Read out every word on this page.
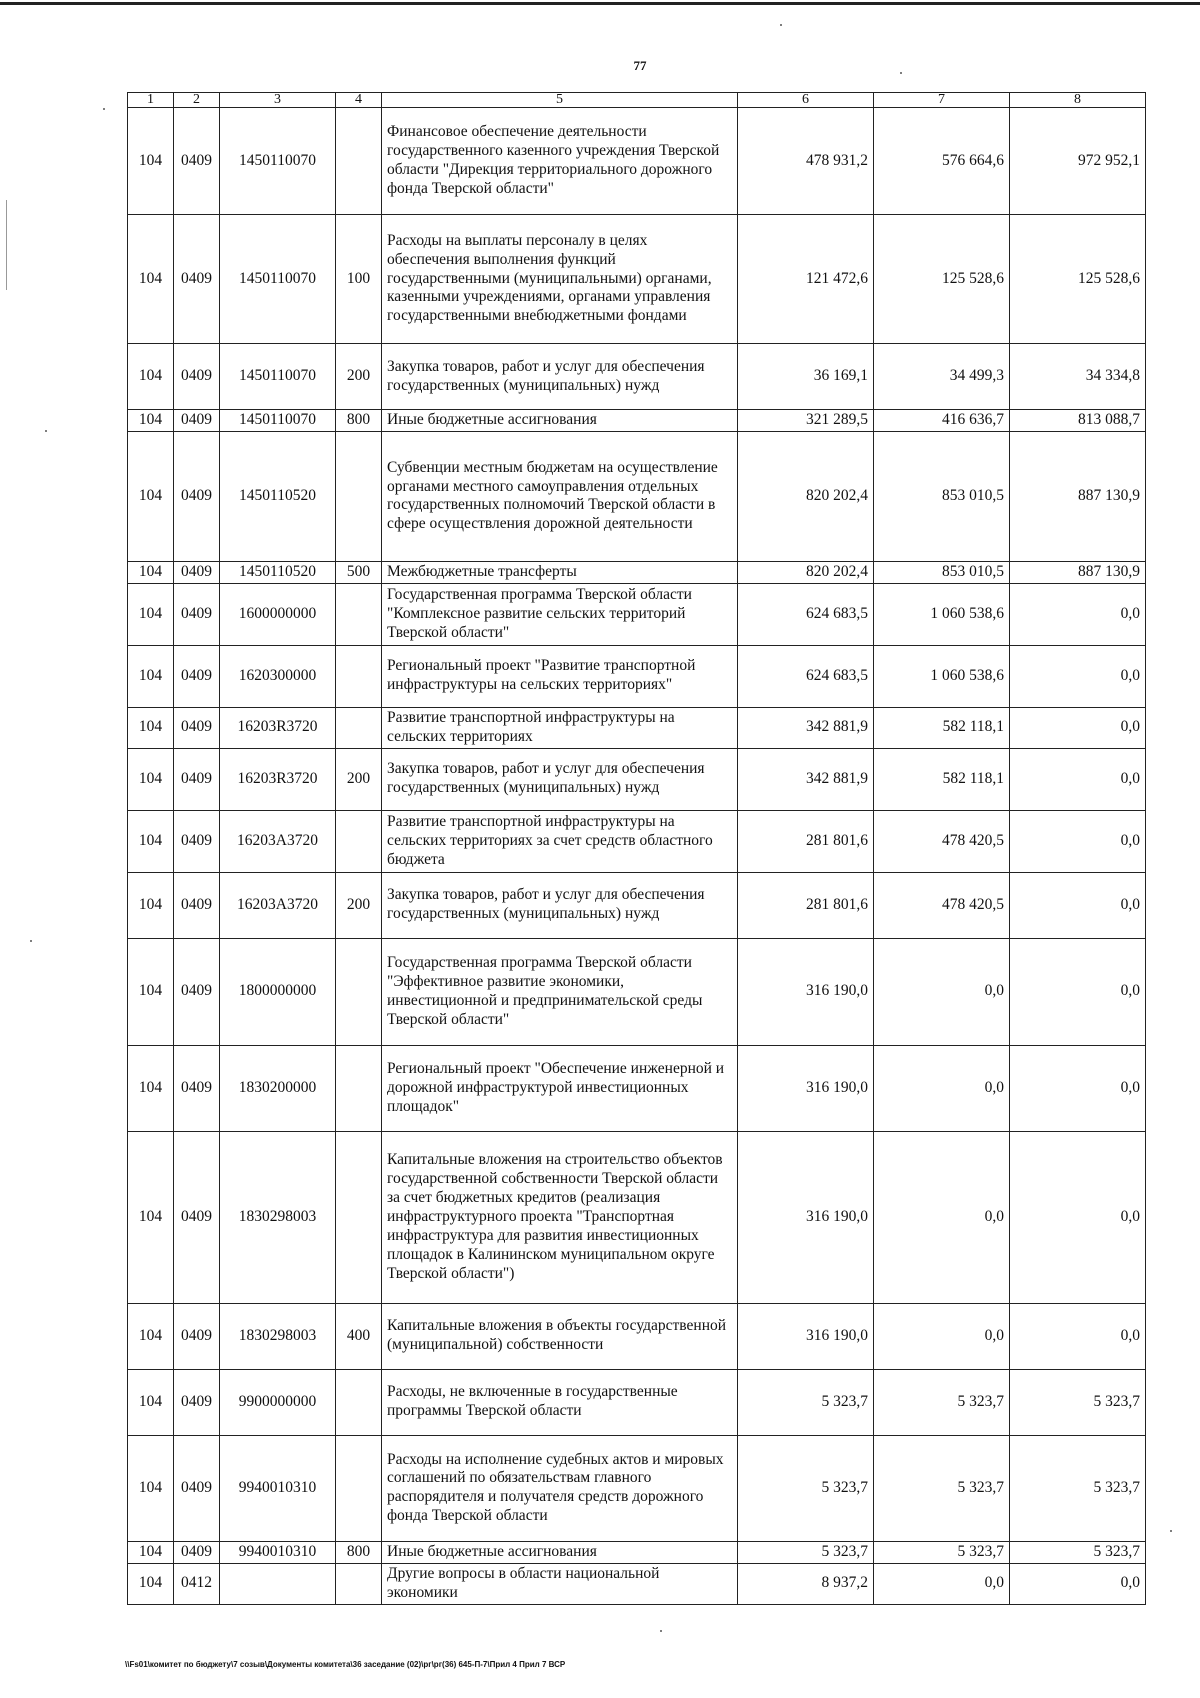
77
1	2	3	4	5	6	7	8
104	0409	1450110070		Финансовое обеспечение деятельности государственного казенного учреждения Тверской области "Дирекция территориального дорожного фонда Тверской области"	478 931,2	576 664,6	972 952,1
104	0409	1450110070	100	Расходы на выплаты персоналу в целях обеспечения выполнения функций государственными (муниципальными) органами, казенными учреждениями, органами управления государственными внебюджетными фондами	121 472,6	125 528,6	125 528,6
104	0409	1450110070	200	Закупка товаров, работ и услуг для обеспечения государственных (муниципальных) нужд	36 169,1	34 499,3	34 334,8
104	0409	1450110070	800	Иные бюджетные ассигнования	321 289,5	416 636,7	813 088,7
104	0409	1450110520		Субвенции местным бюджетам на осуществление органами местного самоуправления отдельных государственных полномочий Тверской области в сфере осуществления дорожной деятельности	820 202,4	853 010,5	887 130,9
104	0409	1450110520	500	Межбюджетные трансферты	820 202,4	853 010,5	887 130,9
104	0409	1600000000		Государственная программа Тверской области "Комплексное развитие сельских территорий Тверской области"	624 683,5	1 060 538,6	0,0
104	0409	1620300000		Региональный проект "Развитие транспортной инфраструктуры на сельских территориях"	624 683,5	1 060 538,6	0,0
104	0409	16203R3720		Развитие транспортной инфраструктуры на сельских территориях	342 881,9	582 118,1	0,0
104	0409	16203R3720	200	Закупка товаров, работ и услуг для обеспечения государственных (муниципальных) нужд	342 881,9	582 118,1	0,0
104	0409	16203A3720		Развитие транспортной инфраструктуры на сельских территориях за счет средств областного бюджета	281 801,6	478 420,5	0,0
104	0409	16203A3720	200	Закупка товаров, работ и услуг для обеспечения государственных (муниципальных) нужд	281 801,6	478 420,5	0,0
104	0409	1800000000		Государственная программа Тверской области "Эффективное развитие экономики, инвестиционной и предпринимательской среды Тверской области"	316 190,0	0,0	0,0
104	0409	1830200000		Региональный проект "Обеспечение инженерной и дорожной инфраструктурой инвестиционных площадок"	316 190,0	0,0	0,0
104	0409	1830298003		Капитальные вложения на строительство объектов государственной собственности Тверской области за счет бюджетных кредитов (реализация инфраструктурного проекта "Транспортная инфраструктура для развития инвестиционных площадок в Калининском муниципальном округе Тверской области")	316 190,0	0,0	0,0
104	0409	1830298003	400	Капитальные вложения в объекты государственной (муниципальной) собственности	316 190,0	0,0	0,0
104	0409	9900000000		Расходы, не включенные в государственные программы Тверской области	5 323,7	5 323,7	5 323,7
104	0409	9940010310		Расходы на исполнение судебных актов и мировых соглашений по обязательствам главного распорядителя и получателя средств дорожного фонда Тверской области	5 323,7	5 323,7	5 323,7
104	0409	9940010310	800	Иные бюджетные ассигнования	5 323,7	5 323,7	5 323,7
104	0412			Другие вопросы в области национальной экономики	8 937,2	0,0	0,0
\\Fs01\комитет по бюджету\7 созыв\Документы комитета\36 заседание (02)\рг\рг(36) 645-П-7\Прил 4 Прил 7 ВСР
